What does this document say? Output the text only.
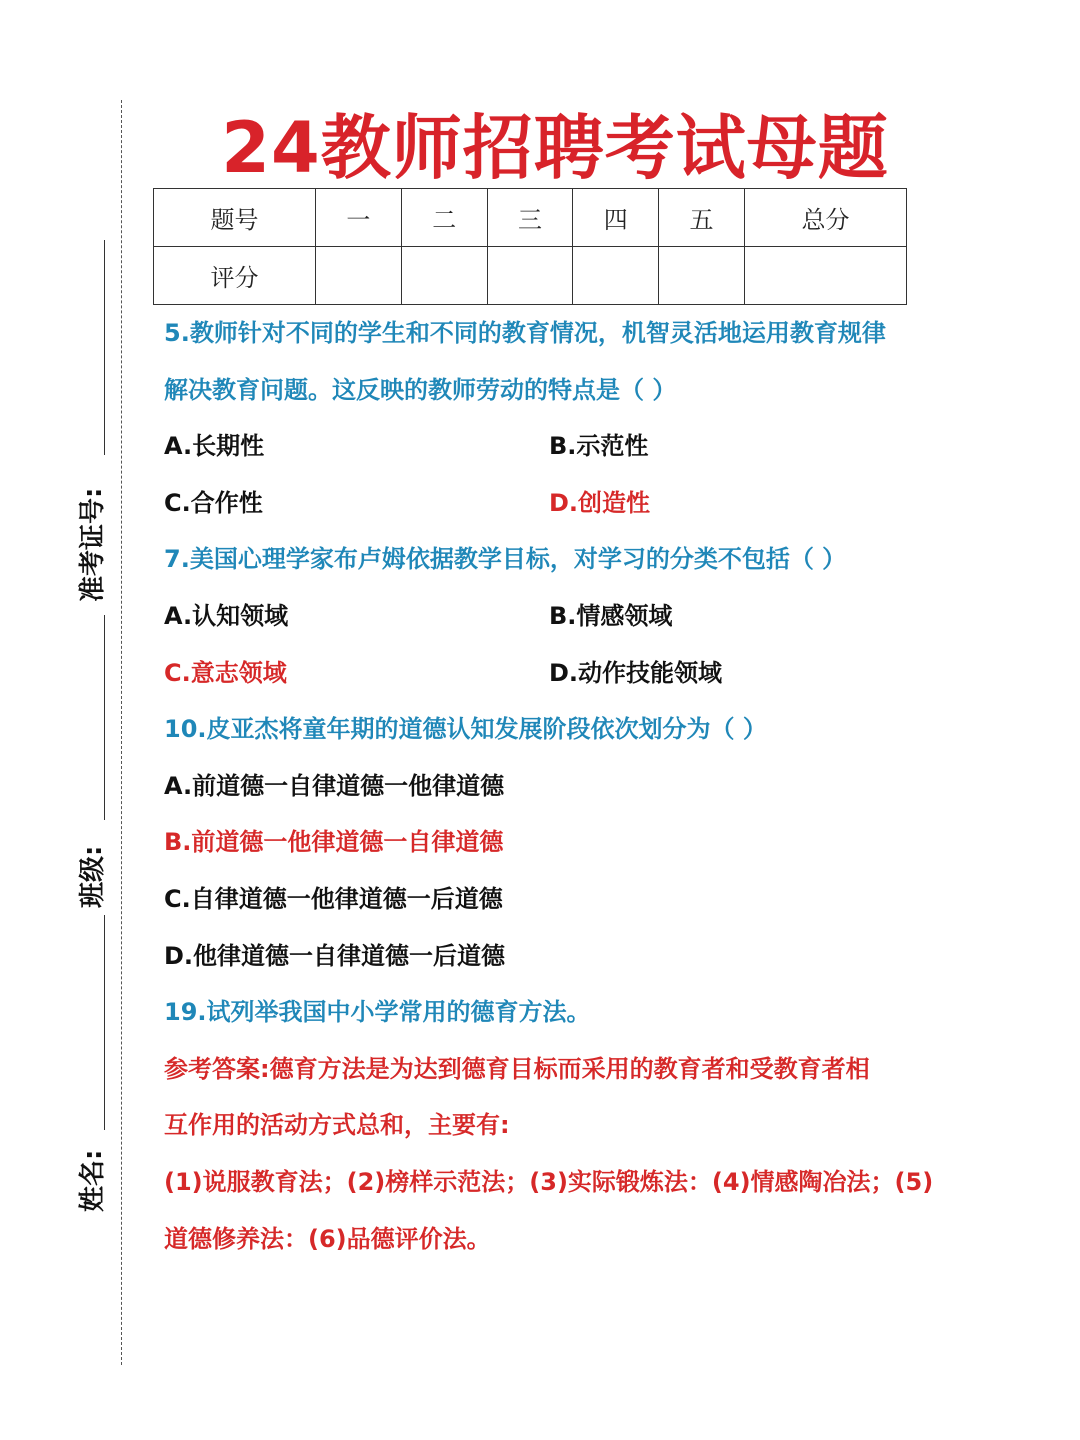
准考证号:
班级:
姓名:
24教师招聘考试母题
题号	一	二	三	四	五	总分
评分						
5.教师针对不同的学生和不同的教育情况，机智灵活地运用教育规律
解决教育问题。这反映的教师劳动的特点是（ ）
A.长期性	B.示范性
C.合作性	D.创造性
7.美国心理学家布卢姆依据教学目标，对学习的分类不包括（ ）
A.认知领域	B.情感领域
C.意志领域	D.动作技能领域
10.皮亚杰将童年期的道德认知发展阶段依次划分为（ ）
A.前道德一自律道德一他律道德
B.前道德一他律道德一自律道德
C.自律道德一他律道德一后道德
D.他律道德一自律道德一后道德
19.试列举我国中小学常用的德育方法。
参考答案:德育方法是为达到德育目标而采用的教育者和受教育者相
互作用的活动方式总和，主要有:
(1)说服教育法；(2)榜样示范法；(3)实际锻炼法：(4)情感陶冶法；(5)
道德修养法：(6)品德评价法。
